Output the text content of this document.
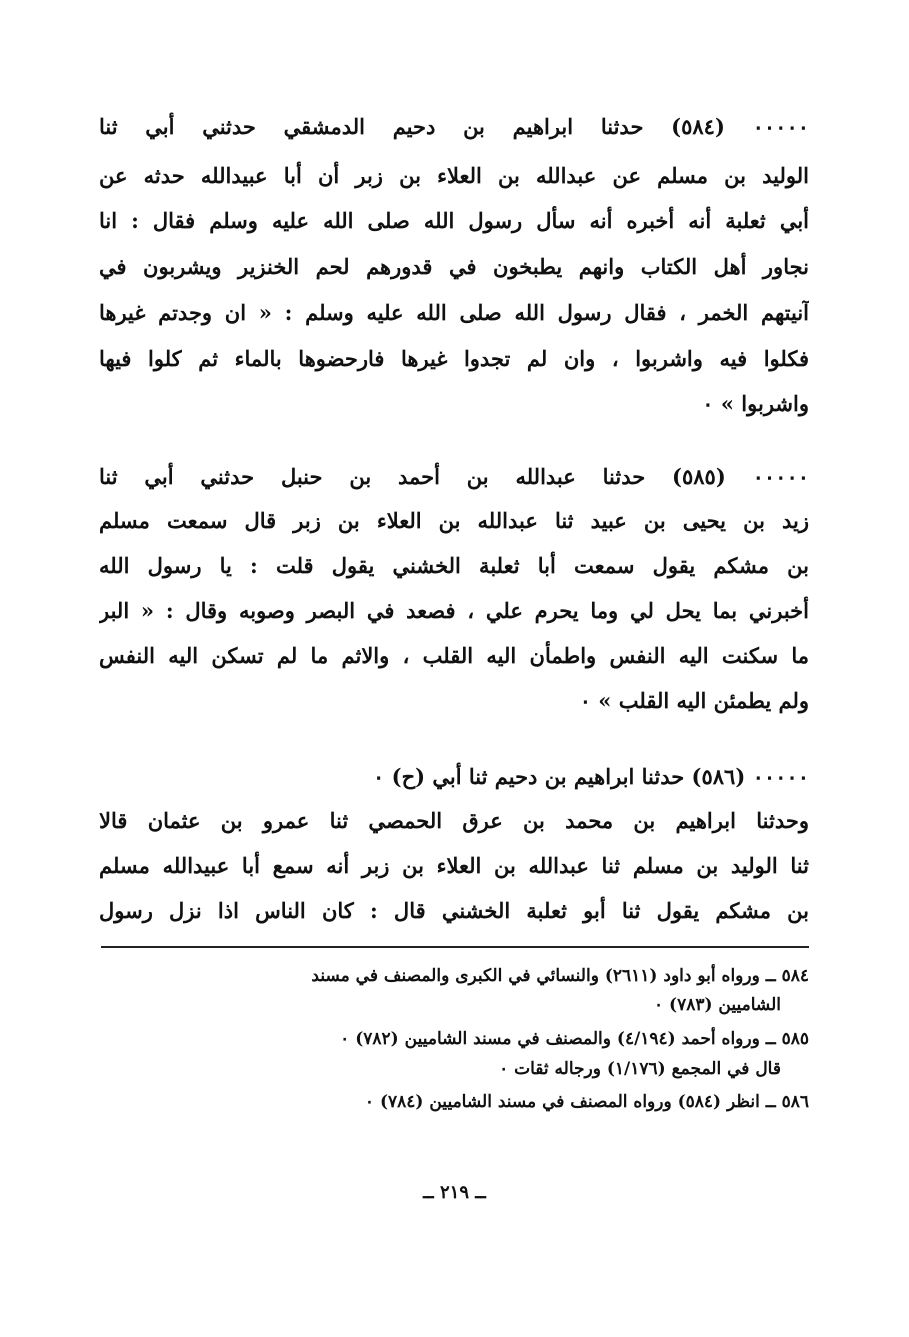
٠٠٠٠٠ (٥٨٤) حدثنا ابراهيم بن دحيم الدمشقي حدثني أبي ثنا
الوليد بن مسلم عن عبدالله بن العلاء بن زبر أن أبا عبيدالله حدثه عن
أبي ثعلبة أنه أخبره أنه سأل رسول الله صلى الله عليه وسلم فقال : انا
نجاور أهل الكتاب وانهم يطبخون في قدورهم لحم الخنزير ويشربون في
آنيتهم الخمر ، فقال رسول الله صلى الله عليه وسلم : « ان وجدتم غيرها
فكلوا فيه واشربوا ، وان لم تجدوا غيرها فارحضوها بالماء ثم كلوا فيها
واشربوا » ٠
٠٠٠٠٠ (٥٨٥) حدثنا عبدالله بن أحمد بن حنبل حدثني أبي ثنا
زيد بن يحيى بن عبيد ثنا عبدالله بن العلاء بن زبر قال سمعت مسلم
بن مشكم يقول سمعت أبا ثعلبة الخشني يقول قلت : يا رسول الله
أخبرني بما يحل لي وما يحرم علي ، فصعد في البصر وصوبه وقال : « البر
ما سكنت اليه النفس واطمأن اليه القلب ، والاثم ما لم تسكن اليه النفس
ولم يطمئن اليه القلب » ٠
٠٠٠٠٠ (٥٨٦) حدثنا ابراهيم بن دحيم ثنا أبي (ح) ٠
وحدثنا ابراهيم بن محمد بن عرق الحمصي ثنا عمرو بن عثمان قالا
ثنا الوليد بن مسلم ثنا عبدالله بن العلاء بن زبر أنه سمع أبا عبيدالله مسلم
بن مشكم يقول ثنا أبو ثعلبة الخشني قال : كان الناس اذا نزل رسول
٥٨٤ ــ ورواه أبو داود (٢٦١١) والنسائي في الكبرى والمصنف في مسند
الشاميين (٧٨٣) ٠
٥٨٥ ــ ورواه أحمد (٤/١٩٤) والمصنف في مسند الشاميين (٧٨٢) ٠
قال في المجمع (١/١٧٦) ورجاله ثقات ٠
٥٨٦ ــ انظر (٥٨٤) ورواه المصنف في مسند الشاميين (٧٨٤) ٠
ــ ٢١٩ ــ
